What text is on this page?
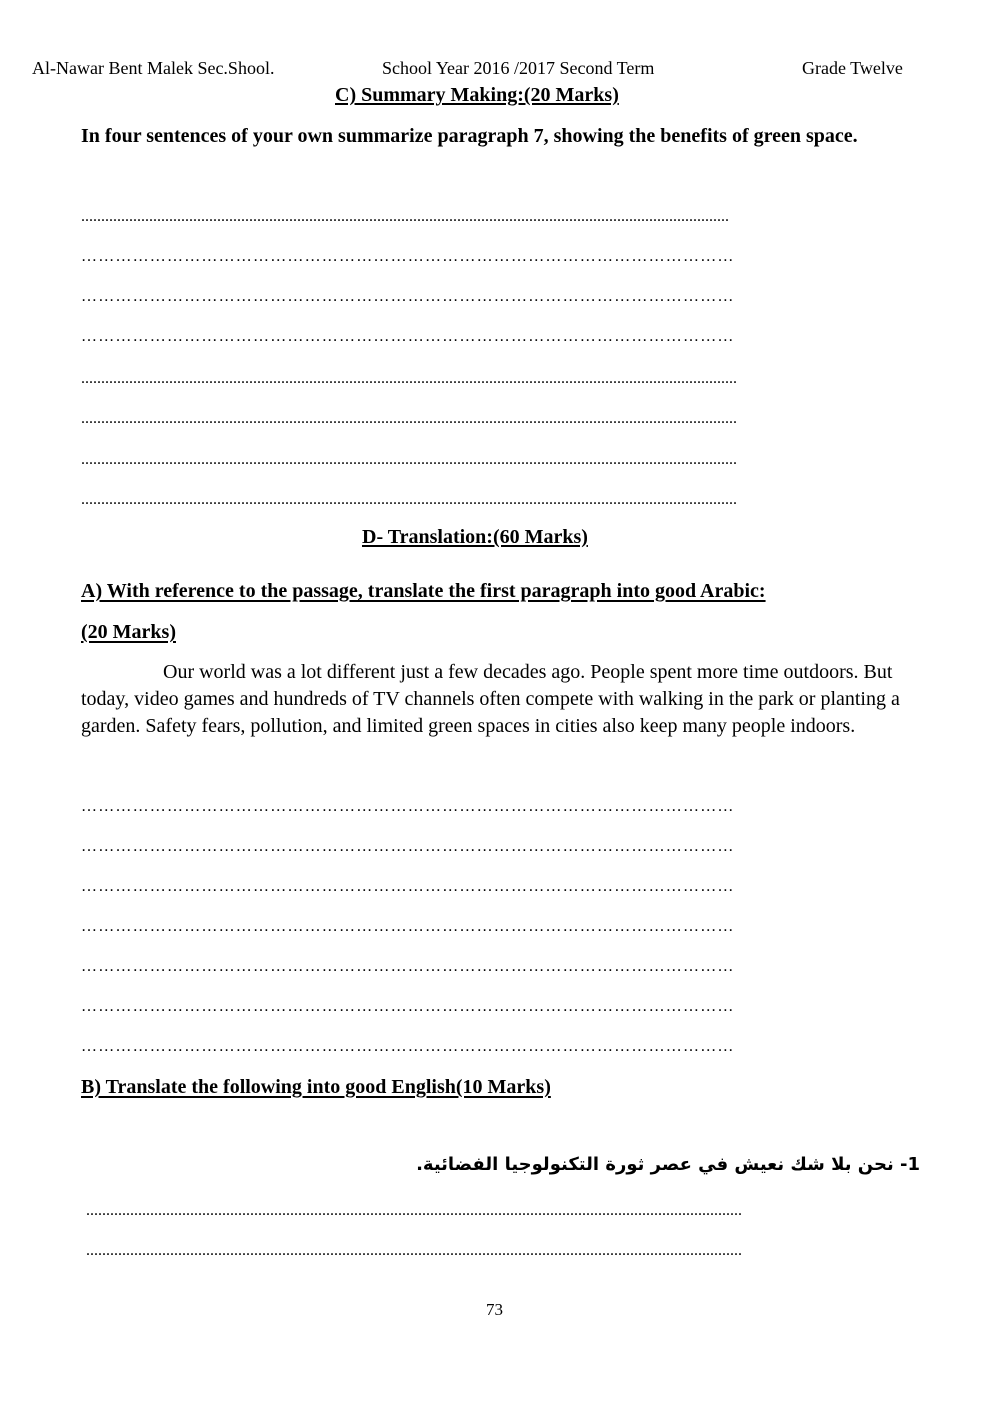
Al-Nawar Bent Malek Sec.Shool.	School Year 2016 /2017 Second Term	Grade Twelve
C) Summary Making:(20 Marks)
In four sentences of your own summarize paragraph 7, showing the benefits of green space.
..................................................................................................................................................................
……………………………………………………………………………………………………
……………………………………………………………………………………………………
……………………………………………………………………………………………………
....................................................................................................................................................................
....................................................................................................................................................................
....................................................................................................................................................................
....................................................................................................................................................................
D- Translation:(60 Marks)
A) With reference to the passage, translate the first paragraph into good Arabic:
(20 Marks)
Our world was a lot different just a few decades ago. People spent more time outdoors. But today, video games and hundreds of TV channels often compete with walking in the park or planting a garden. Safety fears, pollution, and limited green spaces in cities also keep many people indoors.
……………………………………………………………………………………………………
……………………………………………………………………………………………………
……………………………………………………………………………………………………
……………………………………………………………………………………………………
……………………………………………………………………………………………………
……………………………………………………………………………………………………
……………………………………………………………………………………………………
B) Translate the following into good English(10 Marks)
1- نحن بلا شك نعيش في عصر ثورة التكنولوجيا الفضائية.
....................................................................................................................................................................
....................................................................................................................................................................
73
